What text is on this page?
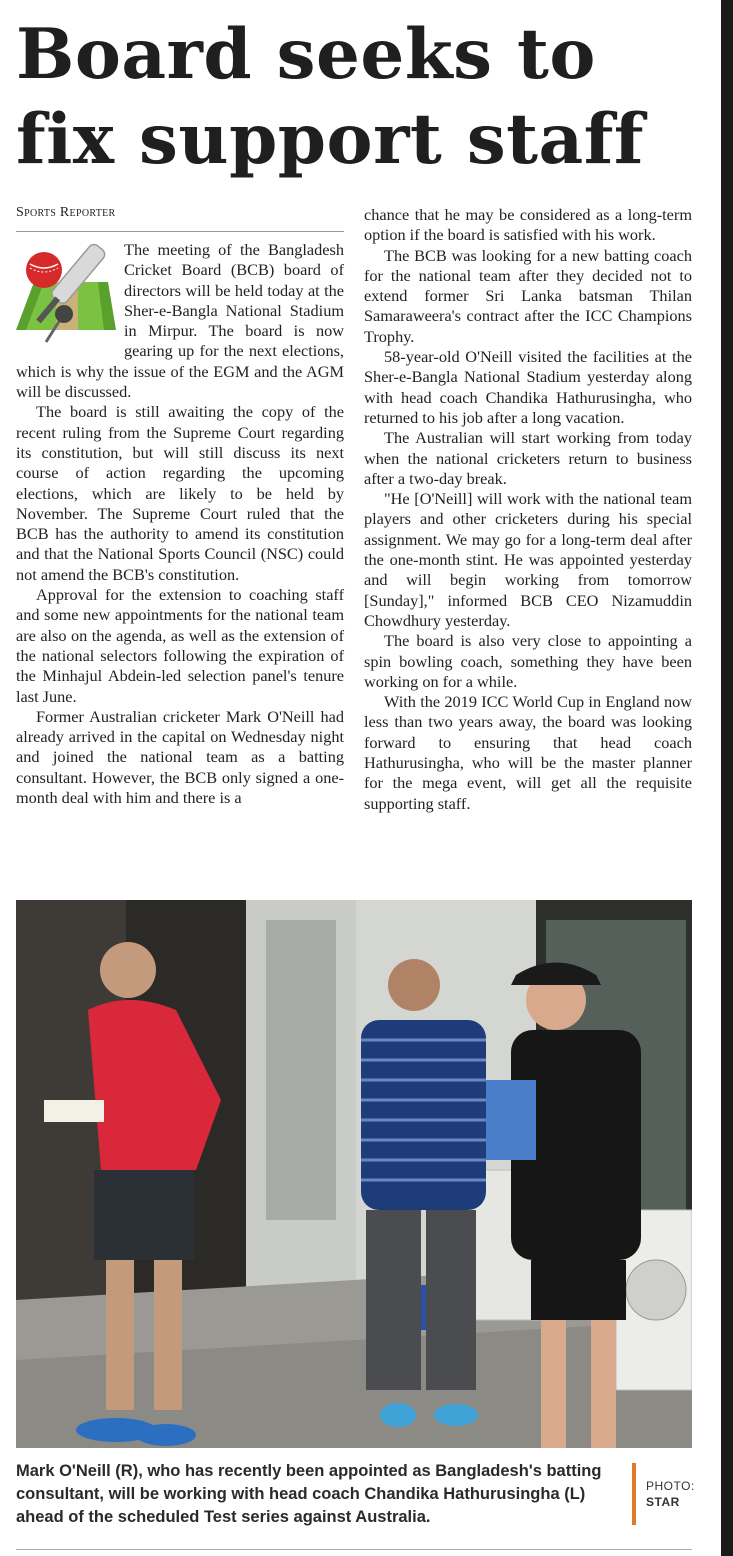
Board seeks to fix support staff
Sports Reporter

The meeting of the Bangladesh Cricket Board (BCB) board of directors will be held today at the Sher-e-Bangla National Stadium in Mirpur. The board is now gearing up for the next elections, which is why the issue of the EGM and the AGM will be discussed.

The board is still awaiting the copy of the recent ruling from the Supreme Court regarding its constitution, but will still discuss its next course of action regarding the upcoming elections, which are likely to be held by November. The Supreme Court ruled that the BCB has the authority to amend its constitution and that the National Sports Council (NSC) could not amend the BCB's constitution.

Approval for the extension to coaching staff and some new appointments for the national team are also on the agenda, as well as the extension of the national selectors following the expiration of the Minhajul Abdein-led selection panel's tenure last June.

Former Australian cricketer Mark O'Neill had already arrived in the capital on Wednesday night and joined the national team as a batting consultant. However, the BCB only signed a one-month deal with him and there is a

chance that he may be considered as a long-term option if the board is satisfied with his work.

The BCB was looking for a new batting coach for the national team after they decided not to extend former Sri Lanka batsman Thilan Samaraweera's contract after the ICC Champions Trophy.

58-year-old O'Neill visited the facilities at the Sher-e-Bangla National Stadium yesterday along with head coach Chandika Hathurusingha, who returned to his job after a long vacation.

The Australian will start working from today when the national cricketers return to business after a two-day break.

"He [O'Neill] will work with the national team players and other cricketers during his special assignment. We may go for a long-term deal after the one-month stint. He was appointed yesterday and will begin working from tomorrow [Sunday]," informed BCB CEO Nizamuddin Chowdhury yesterday.

The board is also very close to appointing a spin bowling coach, something they have been working on for a while.

With the 2019 ICC World Cup in England now less than two years away, the board was looking forward to ensuring that head coach Hathurusingha, who will be the master planner for the mega event, will get all the requisite supporting staff.

Mark O'Neill (R), who has recently been appointed as Bangladesh's batting consultant, will be working with head coach Chandika Hathurusingha (L) ahead of the scheduled Test series against Australia.
PHOTO:
STAR
